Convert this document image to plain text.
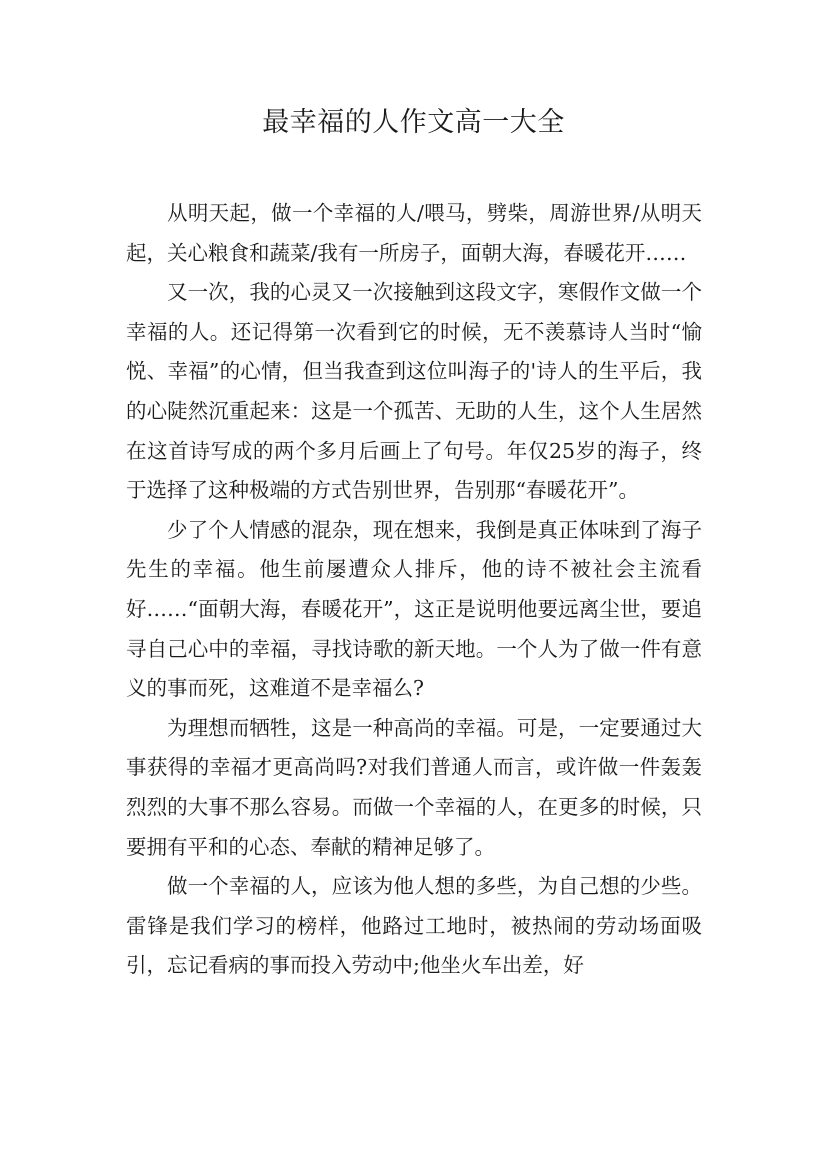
最幸福的人作文高一大全

从明天起，做一个幸福的人/喂马，劈柴，周游世界/从明天起，关心粮食和蔬菜/我有一所房子，面朝大海，春暖花开……

又一次，我的心灵又一次接触到这段文字，寒假作文做一个幸福的人。还记得第一次看到它的时候，无不羡慕诗人当时“愉悦、幸福”的心情，但当我查到这位叫海子的'诗人的生平后，我的心陡然沉重起来：这是一个孤苦、无助的人生，这个人生居然在这首诗写成的两个多月后画上了句号。年仅25岁的海子，终于选择了这种极端的方式告别世界，告别那“春暖花开”。

少了个人情感的混杂，现在想来，我倒是真正体味到了海子先生的幸福。他生前屡遭众人排斥，他的诗不被社会主流看好……“面朝大海，春暖花开”，这正是说明他要远离尘世，要追寻自己心中的幸福，寻找诗歌的新天地。一个人为了做一件有意义的事而死，这难道不是幸福么?

为理想而牺牲，这是一种高尚的幸福。可是，一定要通过大事获得的幸福才更高尚吗?对我们普通人而言，或许做一件轰轰烈烈的大事不那么容易。而做一个幸福的人，在更多的时候，只要拥有平和的心态、奉献的精神足够了。

做一个幸福的人，应该为他人想的多些，为自己想的少些。雷锋是我们学习的榜样，他路过工地时，被热闹的劳动场面吸引，忘记看病的事而投入劳动中;他坐火车出差，好
